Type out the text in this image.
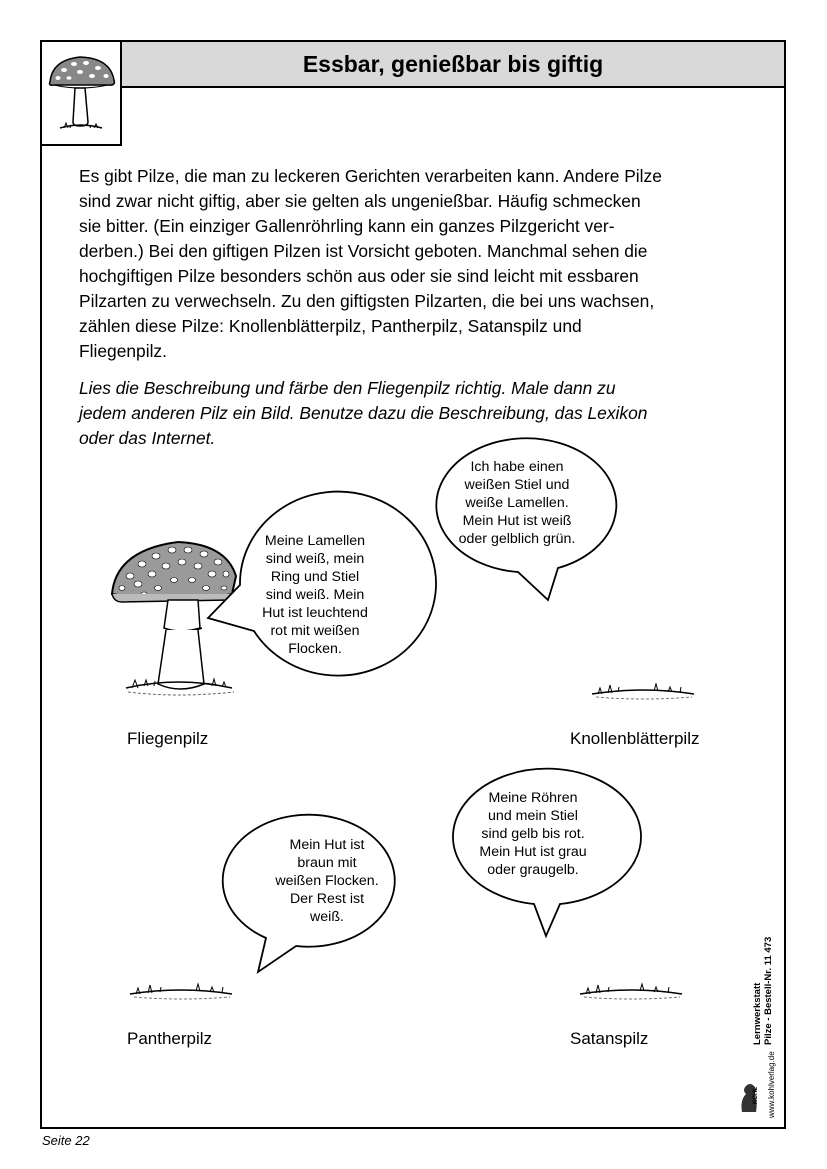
Essbar, genießbar bis giftig

Es gibt Pilze, die man zu leckeren Gerichten verarbeiten kann. Andere Pilze
sind zwar nicht giftig, aber sie gelten als ungenießbar. Häufig schmecken
sie bitter. (Ein einziger Gallenröhrling kann ein ganzes Pilzgericht ver-
derben.) Bei den giftigen Pilzen ist Vorsicht geboten. Manchmal sehen die
hochgiftigen Pilze besonders schön aus oder sie sind leicht mit essbaren
Pilzarten zu verwechseln. Zu den giftigsten Pilzarten, die bei uns wachsen,
zählen diese Pilze: Knollenblätterpilz, Pantherpilz, Satanspilz und
Fliegenpilz.

Lies die Beschreibung und färbe den Fliegenpilz richtig. Male dann zu
jedem anderen Pilz ein Bild. Benutze dazu die Beschreibung, das Lexikon
oder das Internet.

Meine Lamellen
sind weiß, mein
Ring und Stiel
sind weiß. Mein
Hut ist leuchtend
rot mit weißen
Flocken.
Ich habe einen
weißen Stiel und
weiße Lamellen.
Mein Hut ist weiß
oder gelblich grün.
Mein Hut ist
braun mit
weißen Flocken.
Der Rest ist
weiß.
Meine Röhren
und mein Stiel
sind gelb bis rot.
Mein Hut ist grau
oder graugelb.
Fliegenpilz	Knollenblätterpilz
Pantherpilz	Satanspilz	Lernwerkstatt Pilze - Bestell-Nr. 11 473
www.kohlverlag.de
KOHL
Seite 22
